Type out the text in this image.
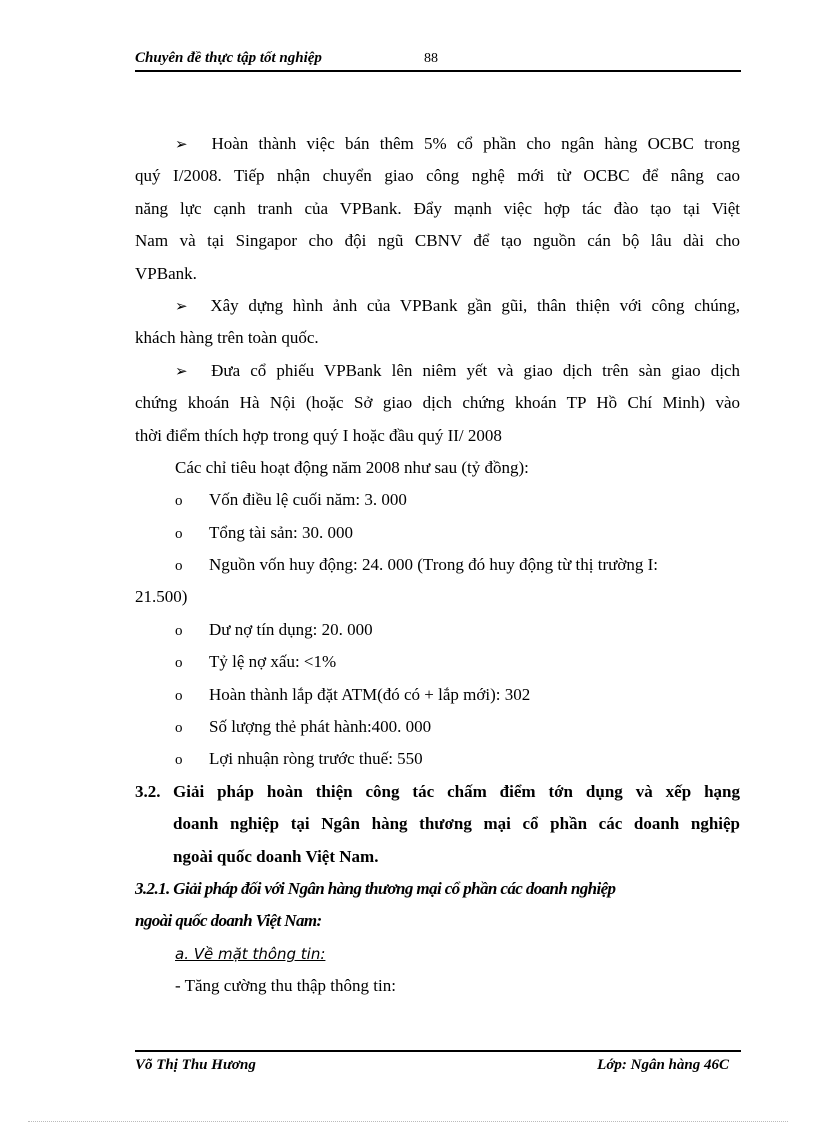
Chuyên đề thực tập tốt nghiệp	88
➢ Hoàn thành việc bán thêm 5% cổ phần cho ngân hàng OCBC trong
quý I/2008. Tiếp nhận chuyển giao công nghệ mới từ OCBC để nâng cao
năng lực cạnh tranh của VPBank. Đẩy mạnh việc hợp tác đào tạo tại Việt
Nam và tại Singapor cho đội ngũ CBNV để tạo nguồn cán bộ lâu dài cho
VPBank.
➢ Xây dựng hình ảnh của VPBank gần gũi, thân thiện với công chúng,
khách hàng trên toàn quốc.
➢ Đưa cổ phiếu VPBank lên niêm yết và giao dịch trên sàn giao dịch
chứng khoán Hà Nội (hoặc Sở giao dịch chứng khoán TP Hồ Chí Minh) vào
thời điểm thích hợp trong quý I hoặc đầu quý II/ 2008
Các chỉ tiêu hoạt động năm 2008 như sau (tỷ đồng):
o Vốn điều lệ cuối năm: 3. 000
o Tổng tài sản: 30. 000
o Nguồn vốn huy động: 24. 000 (Trong đó huy động từ thị trường I:
21.500)
o Dư nợ tín dụng: 20. 000
o Tỷ lệ nợ xấu: <1%
o Hoàn thành lắp đặt ATM(đó có + lắp mới): 302
o Số lượng thẻ phát hành:400. 000
o Lợi nhuận ròng trước thuế: 550
3.2. Giải pháp hoàn thiện công tác chấm điểm tớn dụng và xếp hạng
doanh nghiệp tại Ngân hàng thương mại cổ phần các doanh nghiệp
ngoài quốc doanh Việt Nam.
3.2.1. Giải pháp đối với Ngân hàng thương mại cổ phần các doanh nghiệp
ngoài quốc doanh Việt Nam:
a. Về mặt thông tin:
- Tăng cường thu thập thông tin:
Võ Thị Thu Hương	Lớp: Ngân hàng 46C
